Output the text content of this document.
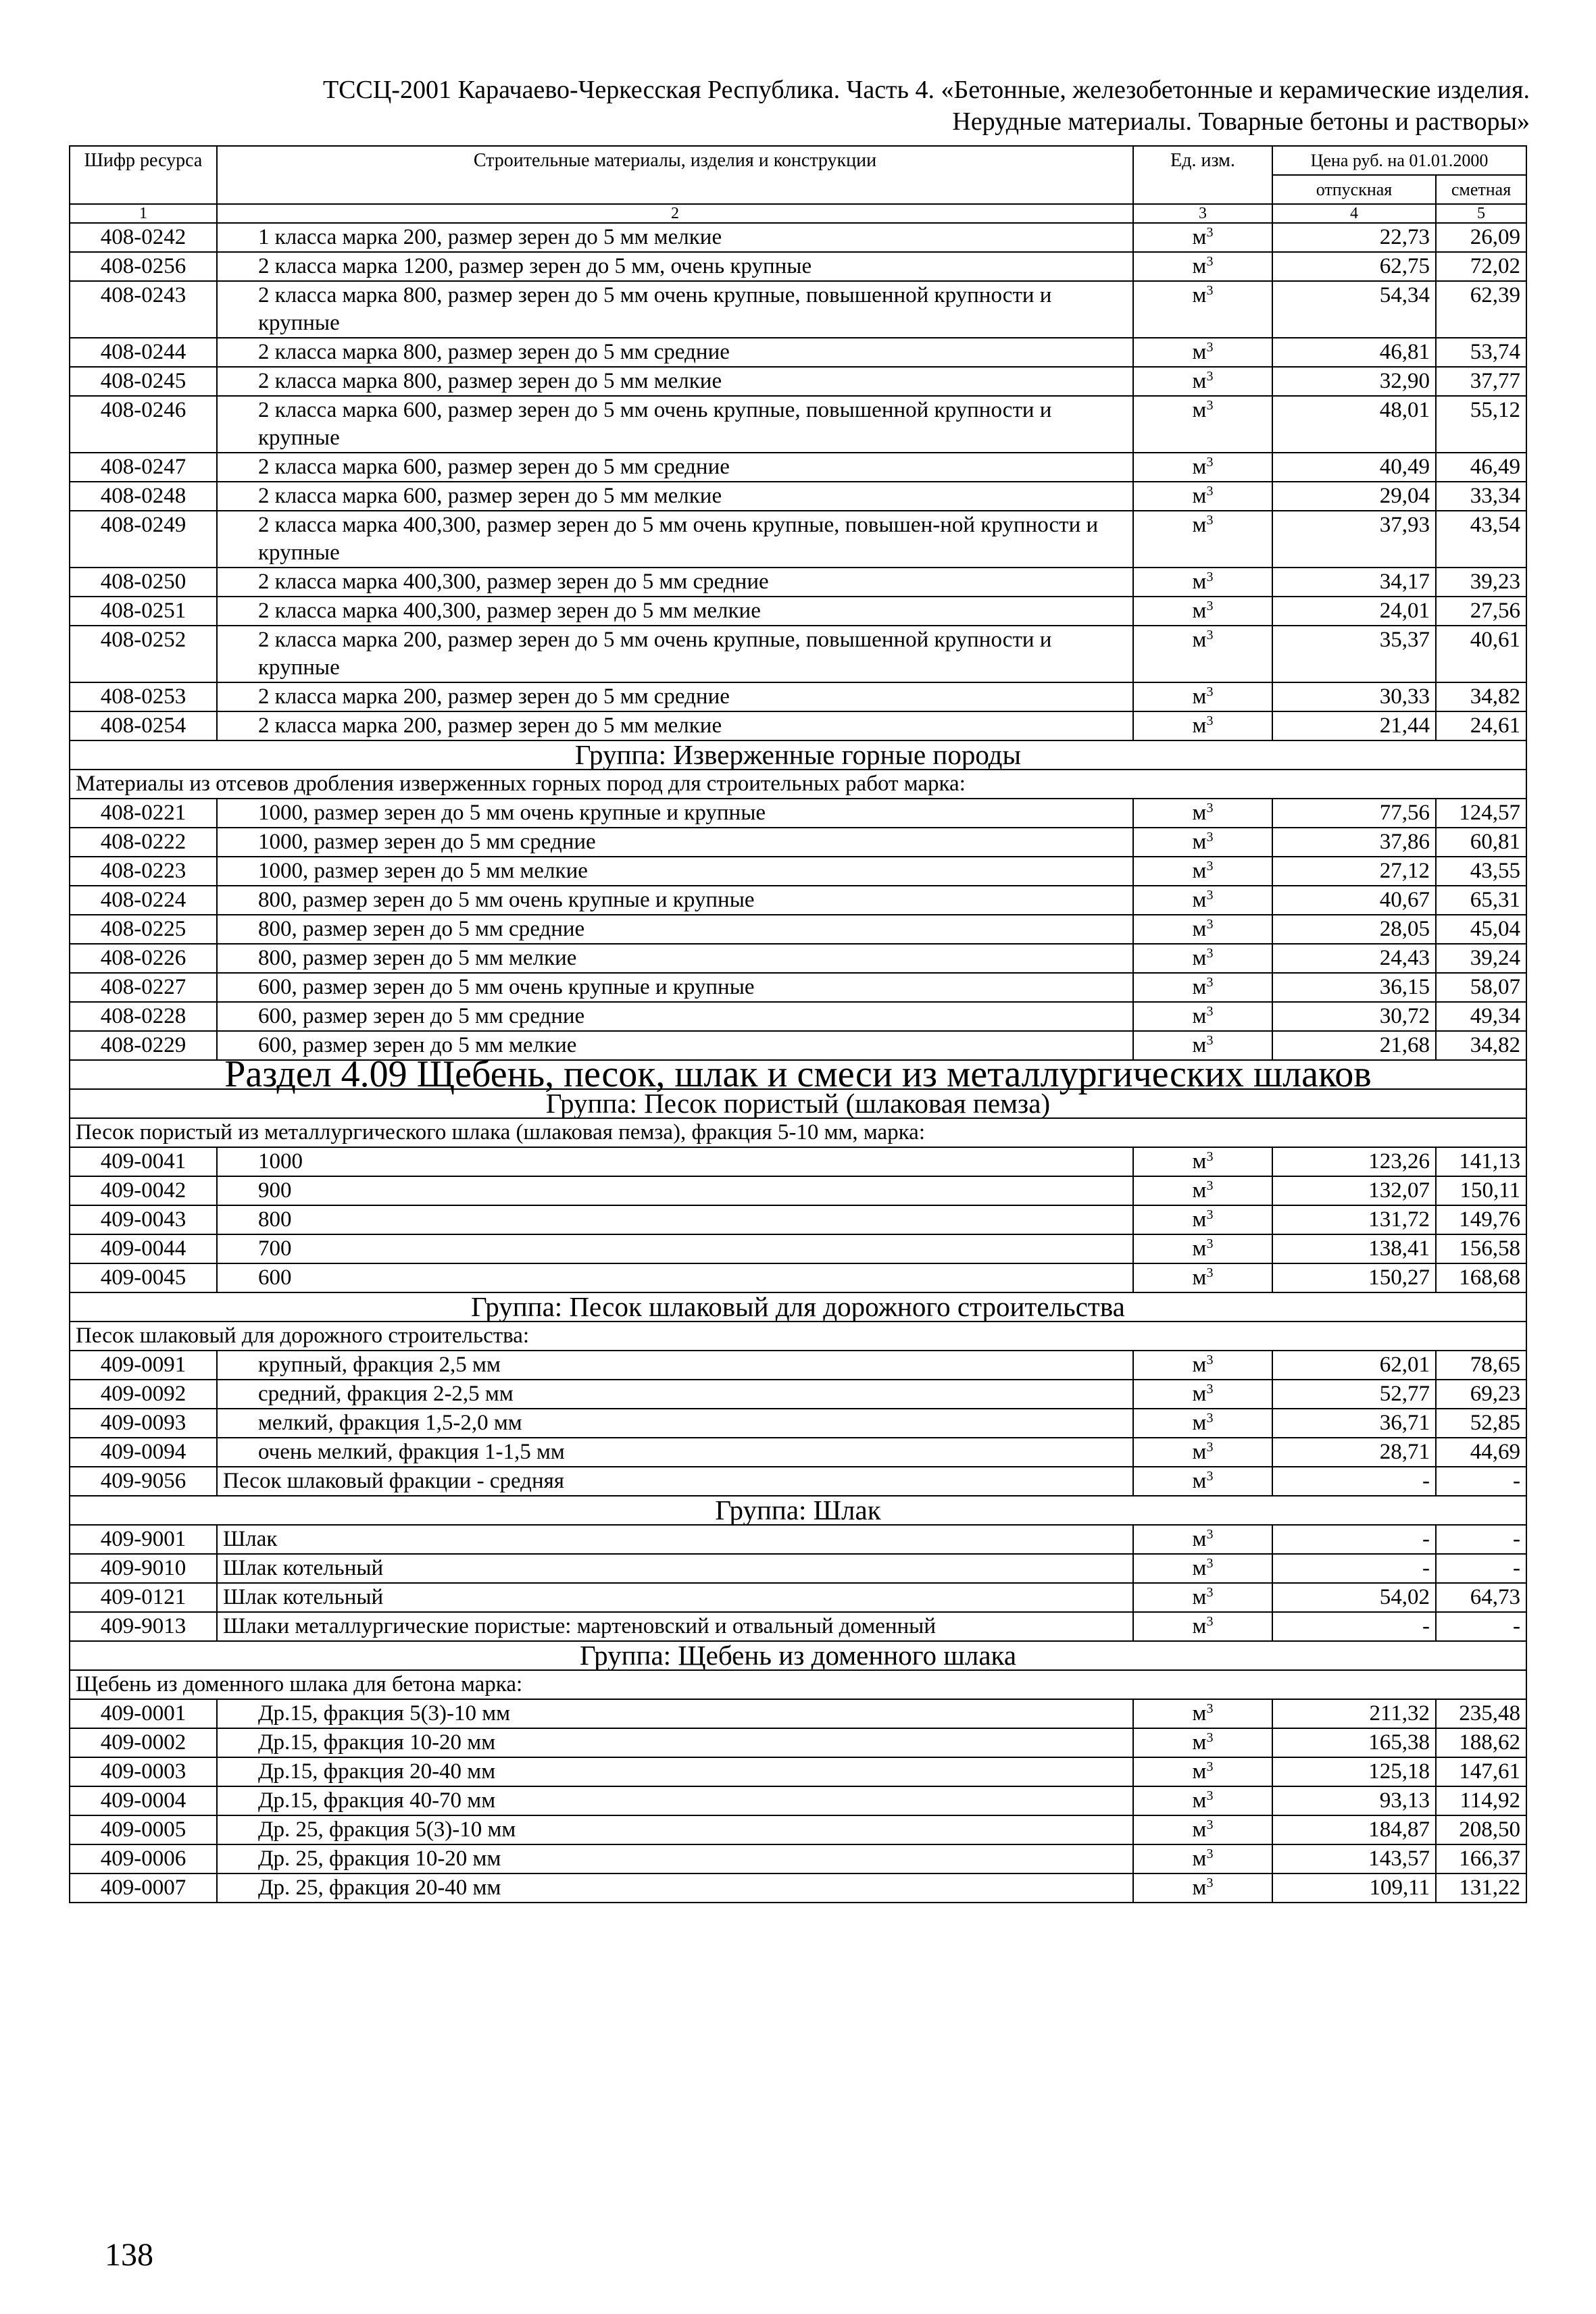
ТССЦ-2001 Карачаево-Черкесская Республика. Часть 4. «Бетонные, железобетонные и керамические изделия.
Нерудные материалы. Товарные бетоны и растворы»
Шифр ресурса	Строительные материалы, изделия и конструкции	Ед. изм.	Цена руб. на 01.01.2000	
			отпускная	сметная
1	2	3	4	5
408-0242	1 класса марка 200, размер зерен до 5 мм мелкие	$м^3$	22,73	26,09
408-0256	2 класса марка 1200, размер зерен до 5 мм, очень крупные	$м^3$	62,75	72,02
408-0243	2 класса марка 800, размер зерен до 5 мм очень крупные, повышенной крупности и крупные	$м^3$	54,34	62,39
408-0244	2 класса марка 800, размер зерен до 5 мм средние	$м^3$	46,81	53,74
408-0245	2 класса марка 800, размер зерен до 5 мм мелкие	$м^3$	32,90	37,77
408-0246	2 класса марка 600, размер зерен до 5 мм очень крупные, повышенной крупности и крупные	$м^3$	48,01	55,12
408-0247	2 класса марка 600, размер зерен до 5 мм средние	$м^3$	40,49	46,49
408-0248	2 класса марка 600, размер зерен до 5 мм мелкие	$м^3$	29,04	33,34
408-0249	2 класса марка 400,300, размер зерен до 5 мм очень крупные, повышен-ной крупности и крупные	$м^3$	37,93	43,54
408-0250	2 класса марка 400,300, размер зерен до 5 мм средние	$м^3$	34,17	39,23
408-0251	2 класса марка 400,300, размер зерен до 5 мм мелкие	$м^3$	24,01	27,56
408-0252	2 класса марка 200, размер зерен до 5 мм очень крупные, повышенной крупности и крупные	$м^3$	35,37	40,61
408-0253	2 класса марка 200, размер зерен до 5 мм средние	$м^3$	30,33	34,82
408-0254	2 класса марка 200, размер зерен до 5 мм мелкие	$м^3$	21,44	24,61
Группа: Изверженные горные породы				
Материалы из отсевов дробления изверженных горных пород для строительных работ марка:				
408-0221	1000, размер зерен до 5 мм очень крупные и крупные	$м^3$	77,56	124,57
408-0222	1000, размер зерен до 5 мм средние	$м^3$	37,86	60,81
408-0223	1000, размер зерен до 5 мм мелкие	$м^3$	27,12	43,55
408-0224	800, размер зерен до 5 мм очень крупные и крупные	$м^3$	40,67	65,31
408-0225	800, размер зерен до 5 мм средние	$м^3$	28,05	45,04
408-0226	800, размер зерен до 5 мм мелкие	$м^3$	24,43	39,24
408-0227	600, размер зерен до 5 мм очень крупные и крупные	$м^3$	36,15	58,07
408-0228	600, размер зерен до 5 мм средние	$м^3$	30,72	49,34
408-0229	600, размер зерен до 5 мм мелкие	$м^3$	21,68	34,82
Раздел 4.09 Щебень, песок, шлак и смеси из металлургических шлаков				
Группа: Песок пористый (шлаковая пемза)				
Песок пористый из металлургического шлака (шлаковая пемза), фракция 5-10 мм, марка:				
409-0041	1000	$м^3$	123,26	141,13
409-0042	900	$м^3$	132,07	150,11
409-0043	800	$м^3$	131,72	149,76
409-0044	700	$м^3$	138,41	156,58
409-0045	600	$м^3$	150,27	168,68
Группа: Песок шлаковый для дорожного строительства				
Песок шлаковый для дорожного строительства:				
409-0091	крупный, фракция 2,5 мм	$м^3$	62,01	78,65
409-0092	средний, фракция 2-2,5 мм	$м^3$	52,77	69,23
409-0093	мелкий, фракция 1,5-2,0 мм	$м^3$	36,71	52,85
409-0094	очень мелкий, фракция 1-1,5 мм	$м^3$	28,71	44,69
409-9056	Песок шлаковый фракции - средняя	$м^3$	-	-
Группа: Шлак				
409-9001	Шлак	$м^3$	-	-
409-9010	Шлак котельный	$м^3$	-	-
409-0121	Шлак котельный	$м^3$	54,02	64,73
409-9013	Шлаки металлургические пористые: мартеновский и отвальный доменный	$м^3$	-	-
Группа: Щебень из доменного шлака				
Щебень из доменного шлака для бетона марка:				
409-0001	Др.15, фракция 5(3)-10 мм	$м^3$	211,32	235,48
409-0002	Др.15, фракция 10-20 мм	$м^3$	165,38	188,62
409-0003	Др.15, фракция 20-40 мм	$м^3$	125,18	147,61
409-0004	Др.15, фракция 40-70 мм	$м^3$	93,13	114,92
409-0005	Др. 25, фракция 5(3)-10 мм	$м^3$	184,87	208,50
409-0006	Др. 25, фракция 10-20 мм	$м^3$	143,57	166,37
409-0007	Др. 25, фракция 20-40 мм	$м^3$	109,11	131,22
138
